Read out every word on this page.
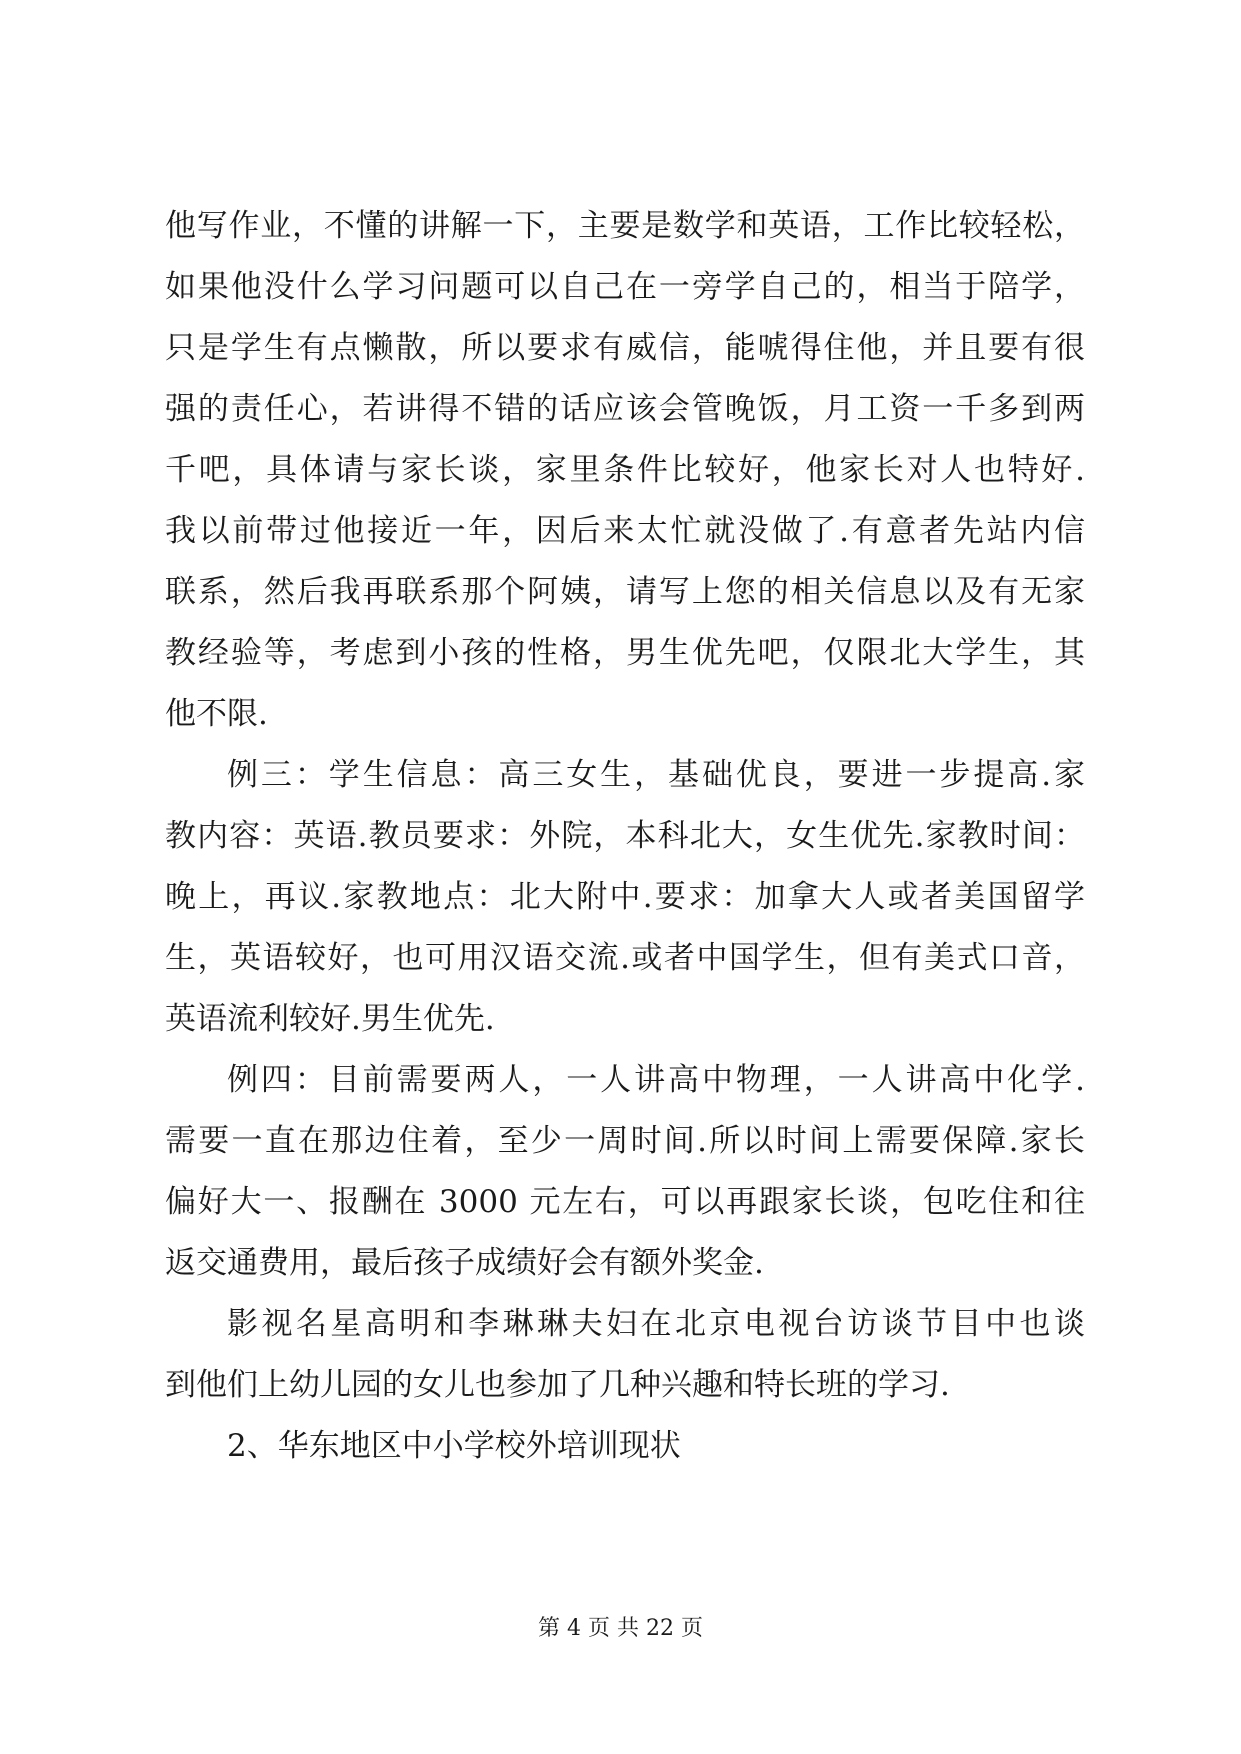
他写作业，不懂的讲解一下，主要是数学和英语，工作比较轻松，
如果他没什么学习问题可以自己在一旁学自己的，相当于陪学，
只是学生有点懒散，所以要求有威信，能唬得住他，并且要有很
强的责任心，若讲得不错的话应该会管晚饭，月工资一千多到两
千吧，具体请与家长谈，家里条件比较好，他家长对人也特好.
我以前带过他接近一年，因后来太忙就没做了.有意者先站内信
联系，然后我再联系那个阿姨，请写上您的相关信息以及有无家
教经验等，考虑到小孩的性格，男生优先吧，仅限北大学生，其
他不限.
例三：学生信息：高三女生，基础优良，要进一步提高.家
教内容：英语.教员要求：外院，本科北大，女生优先.家教时间：
晚上，再议.家教地点：北大附中.要求：加拿大人或者美国留学
生，英语较好，也可用汉语交流.或者中国学生，但有美式口音，
英语流利较好.男生优先.
例四：目前需要两人，一人讲高中物理，一人讲高中化学.
需要一直在那边住着，至少一周时间.所以时间上需要保障.家长
偏好大一、报酬在 3000 元左右，可以再跟家长谈，包吃住和往
返交通费用，最后孩子成绩好会有额外奖金.
影视名星高明和李琳琳夫妇在北京电视台访谈节目中也谈
到他们上幼儿园的女儿也参加了几种兴趣和特长班的学习.
2、华东地区中小学校外培训现状
第 4 页 共 22 页
